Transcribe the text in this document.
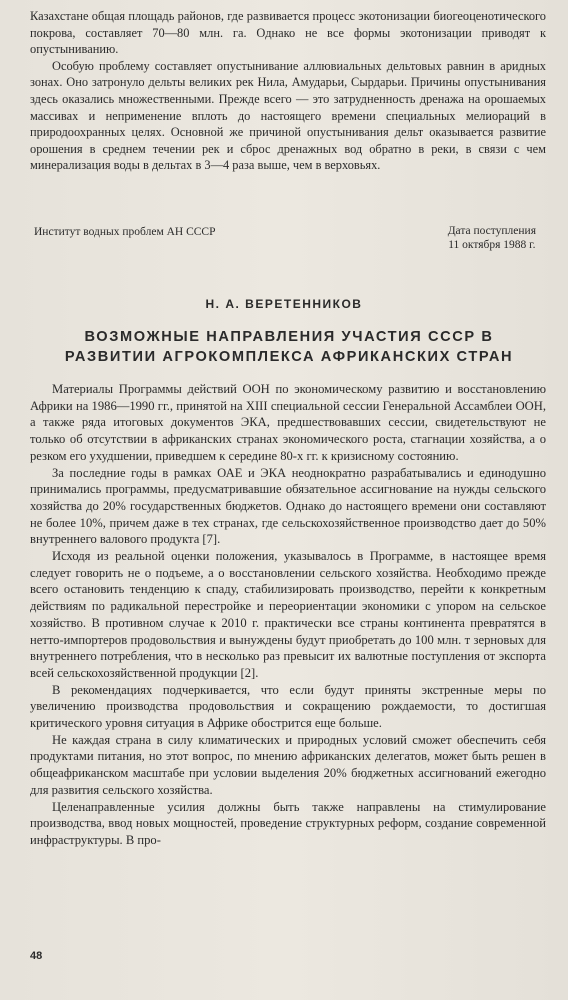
Казахстане общая площадь районов, где развивается процесс экотонизации биогеоценотического покрова, составляет 70—80 млн. га. Однако не все формы экотонизации приводят к опустыниванию.

Особую проблему составляет опустынивание аллювиальных дельтовых равнин в аридных зонах. Оно затронуло дельты великих рек Нила, Амударьи, Сырдарьи. Причины опустынивания здесь оказались множественными. Прежде всего — это затрудненность дренажа на орошаемых массивах и неприменение вплоть до настоящего времени специальных мелиораций в природоохранных целях. Основной же причиной опустынивания дельт оказывается развитие орошения в среднем течении рек и сброс дренажных вод обратно в реки, в связи с чем минерализация воды в дельтах в 3—4 раза выше, чем в верховьях.

Институт водных проблем АН СССР	Дата поступления
11 октября 1988 г.
Н. А. ВЕРЕТЕННИКОВ
ВОЗМОЖНЫЕ НАПРАВЛЕНИЯ УЧАСТИЯ СССР В
РАЗВИТИИ АГРОКОМПЛЕКСА АФРИКАНСКИХ СТРАН

Материалы Программы действий ООН по экономическому развитию и восстановлению Африки на 1986—1990 гг., принятой на XIII специальной сессии Генеральной Ассамблеи ООН, а также ряда итоговых документов ЭКА, предшествовавших сессии, свидетельствуют не только об отсутствии в африканских странах экономического роста, стагнации хозяйства, а о резком его ухудшении, приведшем к середине 80-х гг. к кризисному состоянию.

За последние годы в рамках ОАЕ и ЭКА неоднократно разрабатывались и единодушно принимались программы, предусматривавшие обязательное ассигнование на нужды сельского хозяйства до 20% государственных бюджетов. Однако до настоящего времени они составляют не более 10%, причем даже в тех странах, где сельскохозяйственное производство дает до 50% внутреннего валового продукта [7].

Исходя из реальной оценки положения, указывалось в Программе, в настоящее время следует говорить не о подъеме, а о восстановлении сельского хозяйства. Необходимо прежде всего остановить тенденцию к спаду, стабилизировать производство, перейти к конкретным действиям по радикальной перестройке и переориентации экономики с упором на сельское хозяйство. В противном случае к 2010 г. практически все страны континента превратятся в нетто-импортеров продовольствия и вынуждены будут приобретать до 100 млн. т зерновых для внутреннего потребления, что в несколько раз превысит их валютные поступления от экспорта всей сельскохозяйственной продукции [2].

В рекомендациях подчеркивается, что если будут приняты экстренные меры по увеличению производства продовольствия и сокращению рождаемости, то достигшая критического уровня ситуация в Африке обострится еще больше.

Не каждая страна в силу климатических и природных условий сможет обеспечить себя продуктами питания, но этот вопрос, по мнению африканских делегатов, может быть решен в общеафриканском масштабе при условии выделения 20% бюджетных ассигнований ежегодно для развития сельского хозяйства.

Целенаправленные усилия должны быть также направлены на стимулирование производства, ввод новых мощностей, проведение структурных реформ, создание современной инфраструктуры. В про-

48
